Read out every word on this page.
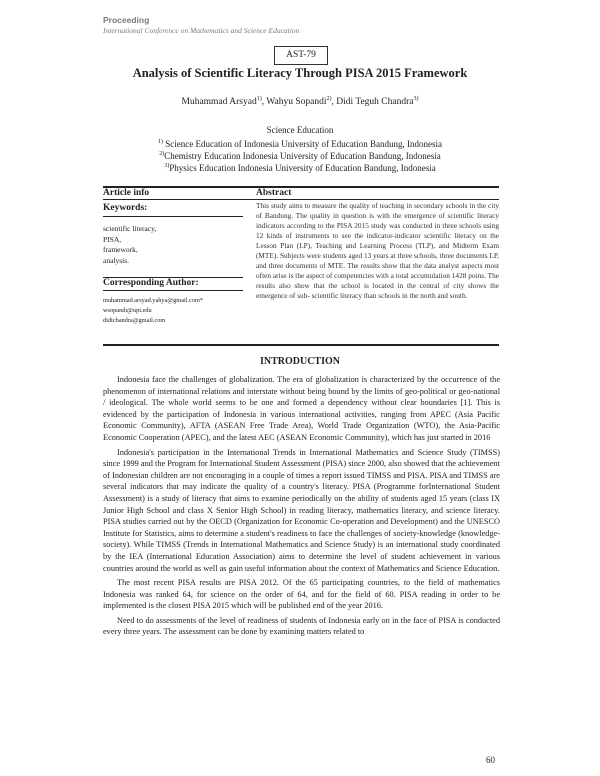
Proceeding
International Conference on Mathematics and Science Education
AST-79
Analysis of Scientific Literacy Through PISA 2015 Framework
Muhammad Arsyad$^{1)}$, Wahyu Sopandi$^{2)}$, Didi Teguh Chandra$^{3)}$
Science Education
$^{1)}$ Science Education of Indonesia University of Education Bandung, Indonesia
$^{2)}$Chemistry Education Indonesia University of Education Bandung, Indonesia
$^{3)}$Physics Education Indonesia University of Education Bandung, Indonesia
Article info	Abstract
Keywords:
scientific literacy,
PISA,
framework,
analysis.
Corresponding Author:
muhammad.arsyad.yahya@gmail.com*
wsopandi@upi.edu
didichandra@gmail.com
This study aims to measure the quality of teaching in secondary schools in the city of Bandung. The quality in question is with the emergence of scientific literacy indicators according to the PISA 2015 study was conducted in three schools using 12 kinds of instruments to see the indicator-indicator scientific literacy on the Lesson Plan (LP), Teaching and Learning Process (TLP), and Midterm Exam (MTE). Subjects were students aged 13 years at three schools, three documents LP, and three documents of MTE. The results show that the data analyst aspects most often arise is the aspect of competencies with a total accumulation 1428 poins. The results also show that the school is located in the central of city shows the emergence of sub- scientific literacy than schools in the north and south.
INTRODUCTION

Indonesia face the challenges of globalization. The era of globalization is characterized by the occurrence of the phenomenon of international relations and interstate without being bound by the limits of geo-political or geo-national / ideological. The whole world seems to be one and formed a dependency without clear boundaries [1]. This is evidenced by the participation of Indonesia in various international activities, ranging from APEC (Asia Pacific Economic Community), AFTA (ASEAN Free Trade Area), World Trade Organization (WTO), the Asia-Pacific Economic Cooperation (APEC), and the latest AEC (ASEAN Economic Community), which has just started in 2016

Indonesia's participation in the International Trends in International Mathematics and Science Study (TIMSS) since 1999 and the Program for International Student Assessment (PISA) since 2000, also showed that the achievement of Indonesian children are not encouraging in a couple of times a report issued TIMSS and PISA. PISA and TIMSS are several indicators that may indicate the quality of a country's literacy. PISA (Programme forInternational Student Assessment) is a study of literacy that aims to examine periodically on the ability of students aged 15 years (class IX Junior High School and class X Senior High School) in reading literacy, mathematics literacy, and science literacy. PISA studies carried out by the OECD (Organization for Economic Co-operation and Development) and the UNESCO Institute for Statistics, aims to determine a student's readiness to face the challenges of society-knowledge (knowledge-society). While TIMSS (Trends in International Mathematics and Science Study) is an international study coordinated by the IEA (International Education Association) aims to determine the level of student achievement in various countries around the world as well as gain useful information about the context of Mathematics and Science Education.

The most recent PISA results are PISA 2012. Of the 65 participating countries, to the field of mathematics Indonesia was ranked 64, for science on the order of 64, and for the field of 60. PISA reading in order to be implemented is the closest PISA 2015 which will be published end of the year 2016.

Need to do assessments of the level of readiness of students of Indonesia early on in the face of PISA is conducted every three years. The assessment can be done by examining matters related to

60
